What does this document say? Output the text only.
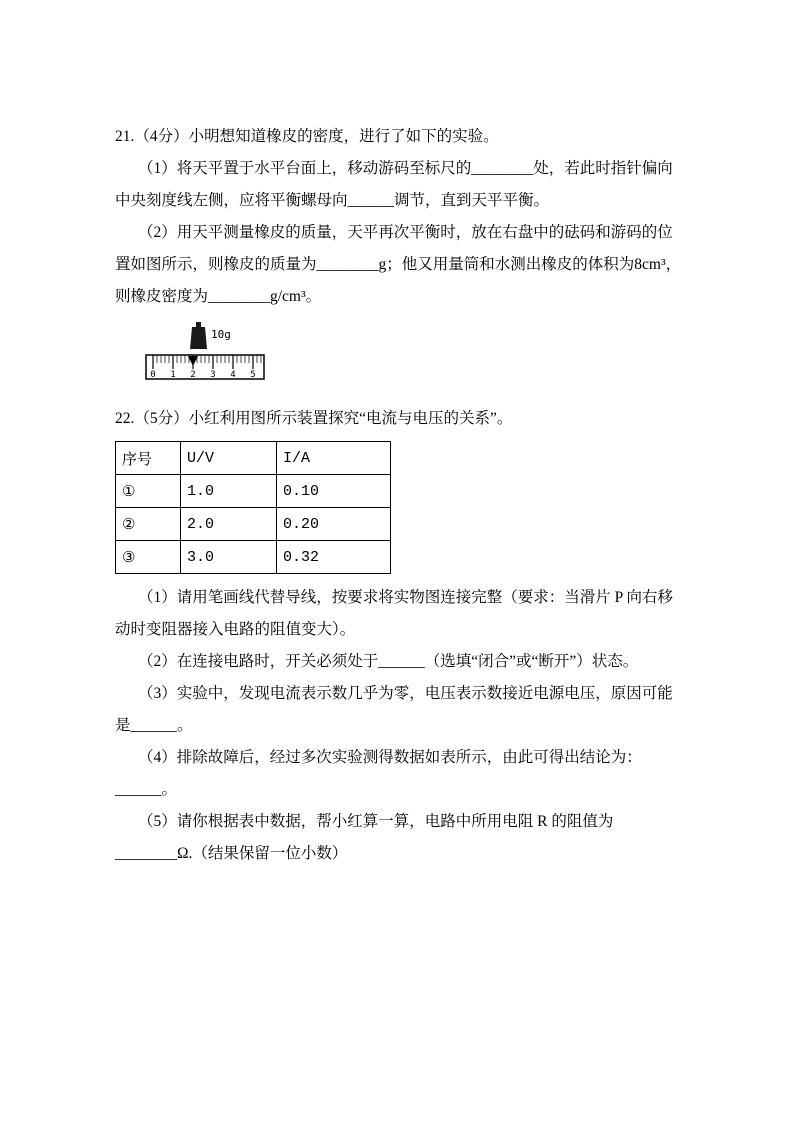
21.（4分）小明想知道橡皮的密度，进行了如下的实验。

（1）将天平置于水平台面上，移动游码至标尺的________处，若此时指针偏向中央刻度线左侧，应将平衡螺母向______调节，直到天平平衡。

（2）用天平测量橡皮的质量，天平再次平衡时，放在右盘中的砝码和游码的位置如图所示，则橡皮的质量为________g；他又用量筒和水测出橡皮的体积为8cm³，则橡皮密度为________g/cm³。

10g
0 1 2 3 4 5

22.（5分）小红利用图所示装置探究“电流与电压的关系”。

序号	U/V	I/A
①	1.0	0.10
②	2.0	0.20
③	3.0	0.32

（1）请用笔画线代替导线，按要求将实物图连接完整（要求：当滑片 P 向右移动时变阻器接入电路的阻值变大）。

（2）在连接电路时，开关必须处于______（选填“闭合”或“断开”）状态。

（3）实验中，发现电流表示数几乎为零，电压表示数接近电源电压，原因可能是______。

（4）排除故障后，经过多次实验测得数据如表所示，由此可得出结论为：______。

（5）请你根据表中数据，帮小红算一算，电路中所用电阻 R 的阻值为________Ω.（结果保留一位小数）
